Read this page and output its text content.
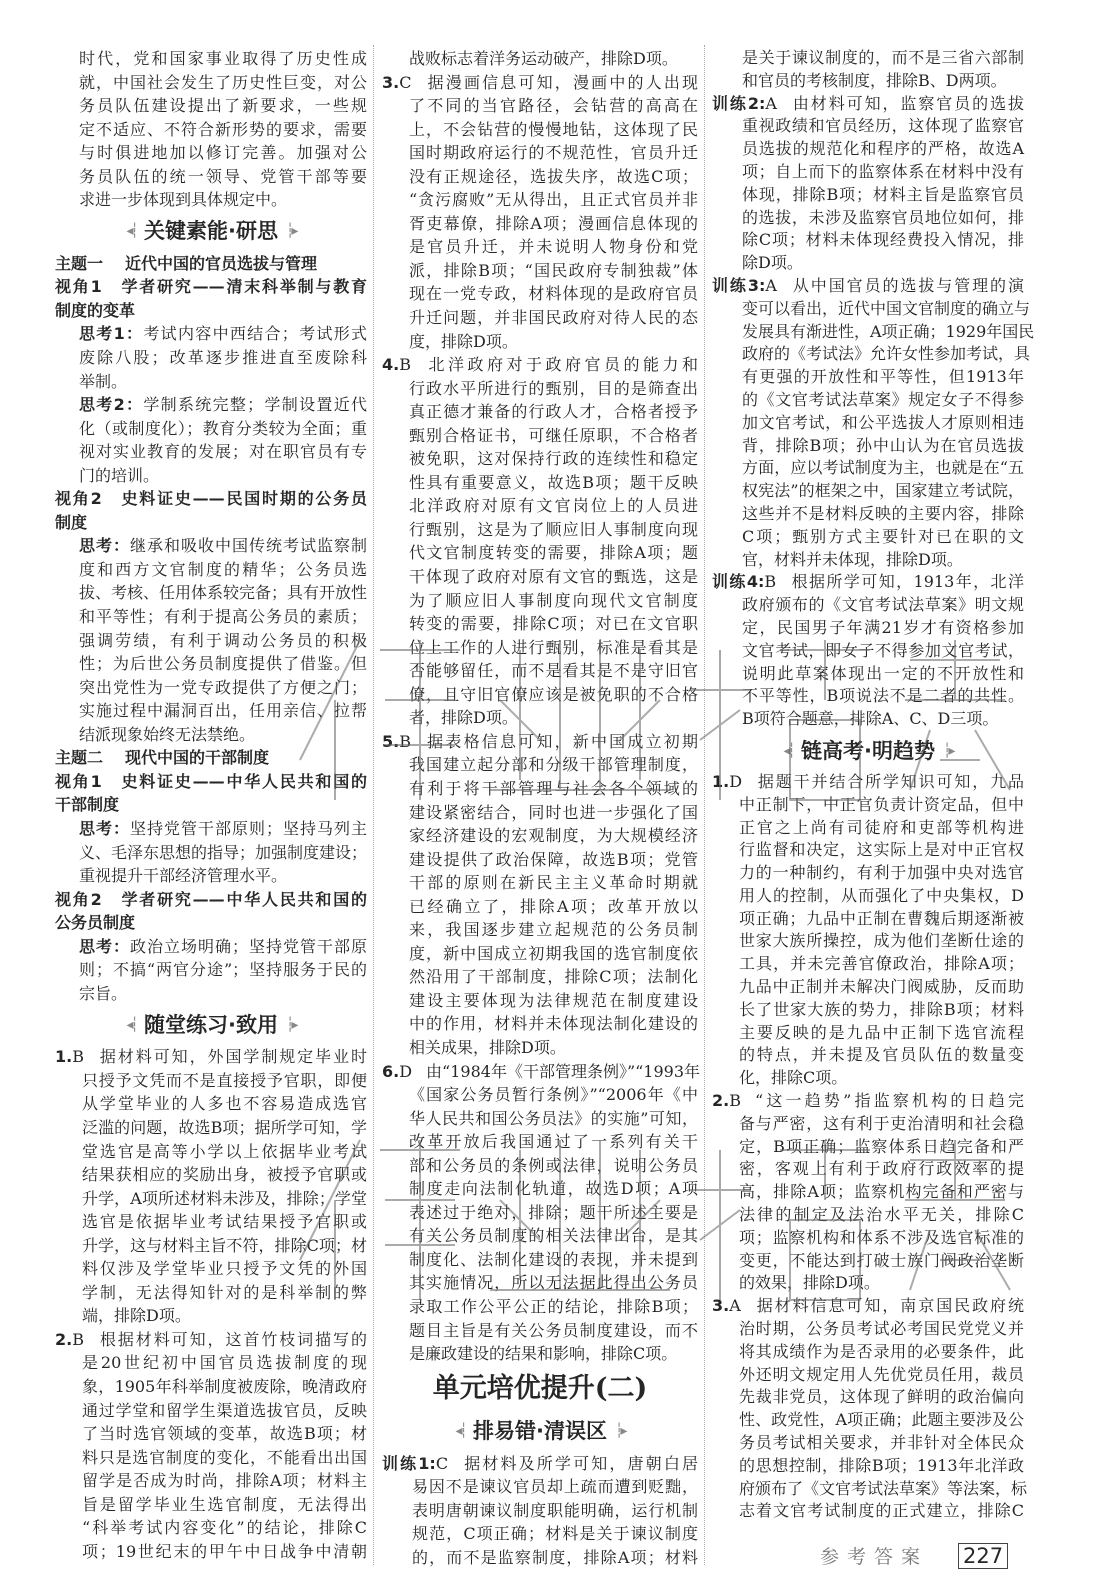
时代，党和国家事业取得了历史性成
就，中国社会发生了历史性巨变，对公
务员队伍建设提出了新要求，一些规
定不适应、不符合新形势的要求，需要
与时俱进地加以修订完善。加强对公
务员队伍的统一领导、党管干部等要
求进一步体现到具体规定中。
◂┆ 关键素能·研思 ┆▸
主题一 近代中国的官员选拔与管理
视角1 学者研究——清末科举制与教育
制度的变革
思考1：考试内容中西结合；考试形式
废除八股；改革逐步推进直至废除科
举制。
思考2：学制系统完整；学制设置近代
化（或制度化）；教育分类较为全面；重
视对实业教育的发展；对在职官员有专
门的培训。
视角2 史料证史——民国时期的公务员
制度
思考：继承和吸收中国传统考试监察制
度和西方文官制度的精华；公务员选
拔、考核、任用体系较完备；具有开放性
和平等性；有利于提高公务员的素质；
强调劳绩，有利于调动公务员的积极
性；为后世公务员制度提供了借鉴。但
突出党性为一党专政提供了方便之门；
实施过程中漏洞百出，任用亲信、拉帮
结派现象始终无法禁绝。
主题二 现代中国的干部制度
视角1 史料证史——中华人民共和国的
干部制度
思考：坚持党管干部原则；坚持马列主
义、毛泽东思想的指导；加强制度建设；
重视提升干部经济管理水平。
视角2 学者研究——中华人民共和国的
公务员制度
思考：政治立场明确；坚持党管干部原
则；不搞“两官分途”；坚持服务于民的
宗旨。
◂┆ 随堂练习·致用 ┆▸
1.B 据材料可知，外国学制规定毕业时
只授予文凭而不是直接授予官职，即便
从学堂毕业的人多也不容易造成选官
泛滥的问题，故选B项；据所学可知，学
堂选官是高等小学以上依据毕业考试
结果获相应的奖励出身，被授予官职或
升学，A项所述材料未涉及，排除；学堂
选官是依据毕业考试结果授予官职或
升学，这与材料主旨不符，排除C项；材
料仅涉及学堂毕业只授予文凭的外国
学制，无法得知针对的是科举制的弊
端，排除D项。
2.B 根据材料可知，这首竹枝词描写的
是20世纪初中国官员选拔制度的现
象，1905年科举制度被废除，晚清政府
通过学堂和留学生渠道选拔官员，反映
了当时选官领域的变革，故选B项；材
料只是选官制度的变化，不能看出出国
留学是否成为时尚，排除A项；材料主
旨是留学毕业生选官制度，无法得出
“科举考试内容变化”的结论，排除C
项；19世纪末的甲午中日战争中清朝
战败标志着洋务运动破产，排除D项。
3.C 据漫画信息可知，漫画中的人出现
了不同的当官路径，会钻营的高高在
上，不会钻营的慢慢地钻，这体现了民
国时期政府运行的不规范性，官员升迁
没有正规途径，选拔失序，故选C项；
“贪污腐败”无从得出，且正式官员并非
胥吏幕僚，排除A项；漫画信息体现的
是官员升迁，并未说明人物身份和党
派，排除B项；“国民政府专制独裁”体
现在一党专政，材料体现的是政府官员
升迁问题，并非国民政府对待人民的态
度，排除D项。
4.B 北洋政府对于政府官员的能力和
行政水平所进行的甄别，目的是筛查出
真正德才兼备的行政人才，合格者授予
甄别合格证书，可继任原职，不合格者
被免职，这对保持行政的连续性和稳定
性具有重要意义，故选B项；题干反映
北洋政府对原有文官岗位上的人员进
行甄别，这是为了顺应旧人事制度向现
代文官制度转变的需要，排除A项；题
干体现了政府对原有文官的甄选，这是
为了顺应旧人事制度向现代文官制度
转变的需要，排除C项；对已在文官职
位上工作的人进行甄别，标准是看其是
否能够留任，而不是看其是不是守旧官
僚，且守旧官僚应该是被免职的不合格
者，排除D项。
5.B 据表格信息可知，新中国成立初期
我国建立起分部和分级干部管理制度，
有利于将干部管理与社会各个领域的
建设紧密结合，同时也进一步强化了国
家经济建设的宏观制度，为大规模经济
建设提供了政治保障，故选B项；党管
干部的原则在新民主主义革命时期就
已经确立了，排除A项；改革开放以
来，我国逐步建立起规范的公务员制
度，新中国成立初期我国的选官制度依
然沿用了干部制度，排除C项；法制化
建设主要体现为法律规范在制度建设
中的作用，材料并未体现法制化建设的
相关成果，排除D项。
6.D 由“1984年《干部管理条例》”“1993年
《国家公务员暂行条例》”“2006年《中
华人民共和国公务员法》的实施”可知，
改革开放后我国通过了一系列有关干
部和公务员的条例或法律，说明公务员
制度走向法制化轨道，故选D项；A项
表述过于绝对，排除；题干所述主要是
有关公务员制度的相关法律出台，是其
制度化、法制化建设的表现，并未提到
其实施情况，所以无法据此得出公务员
录取工作公平公正的结论，排除B项；
题目主旨是有关公务员制度建设，而不
是廉政建设的结果和影响，排除C项。
单元培优提升(二)
◂┆ 排易错·清误区 ┆▸
训练1:C 据材料及所学可知，唐朝白居
易因不是谏议官员却上疏而遭到贬黜，
表明唐朝谏议制度职能明确，运行机制
规范，C项正确；材料是关于谏议制度
的，而不是监察制度，排除A项；材料
是关于谏议制度的，而不是三省六部制
和官员的考核制度，排除B、D两项。
训练2:A 由材料可知，监察官员的选拔
重视政绩和官员经历，这体现了监察官
员选拔的规范化和程序的严格，故选A
项；自上而下的监察体系在材料中没有
体现，排除B项；材料主旨是监察官员
的选拔，未涉及监察官员地位如何，排
除C项；材料未体现经费投入情况，排
除D项。
训练3:A 从中国官员的选拔与管理的演
变可以看出，近代中国文官制度的确立与
发展具有渐进性，A项正确；1929年国民
政府的《考试法》允许女性参加考试，具
有更强的开放性和平等性，但1913年
的《文官考试法草案》规定女子不得参
加文官考试，和公平选拔人才原则相违
背，排除B项；孙中山认为在官员选拔
方面，应以考试制度为主，也就是在“五
权宪法”的框架之中，国家建立考试院，
这些并不是材料反映的主要内容，排除
C项；甄别方式主要针对已在职的文
官，材料并未体现，排除D项。
训练4:B 根据所学可知，1913年，北洋
政府颁布的《文官考试法草案》明文规
定，民国男子年满21岁才有资格参加
文官考试，即女子不得参加文官考试，
说明此草案体现出一定的不开放性和
不平等性，B项说法不是二者的共性。
B项符合题意，排除A、C、D三项。
◂┆ 链高考·明趋势 ┆▸
1.D 据题干并结合所学知识可知，九品
中正制下，中正官负责计资定品，但中
正官之上尚有司徒府和吏部等机构进
行监督和决定，这实际上是对中正官权
力的一种制约，有利于加强中央对选官
用人的控制，从而强化了中央集权，D
项正确；九品中正制在曹魏后期逐渐被
世家大族所操控，成为他们垄断仕途的
工具，并未完善官僚政治，排除A项；
九品中正制并未解决门阀威胁，反而助
长了世家大族的势力，排除B项；材料
主要反映的是九品中正制下选官流程
的特点，并未提及官员队伍的数量变
化，排除C项。
2.B “这一趋势”指监察机构的日趋完
备与严密，这有利于吏治清明和社会稳
定，B项正确；监察体系日趋完备和严
密，客观上有利于政府行政效率的提
高，排除A项；监察机构完备和严密与
法律的制定及法治水平无关，排除C
项；监察机构和体系不涉及选官标准的
变更，不能达到打破士族门阀政治垄断
的效果，排除D项。
3.A 据材料信息可知，南京国民政府统
治时期，公务员考试必考国民党党义并
将其成绩作为是否录用的必要条件，此
外还明文规定用人先优党员任用，裁员
先裁非党员，这体现了鲜明的政治偏向
性、政党性，A项正确；此题主要涉及公
务员考试相关要求，并非针对全体民众
的思想控制，排除B项；1913年北洋政
府颁布了《文官考试法草案》等法案，标
志着文官考试制度的正式建立，排除C
参考答案 227
